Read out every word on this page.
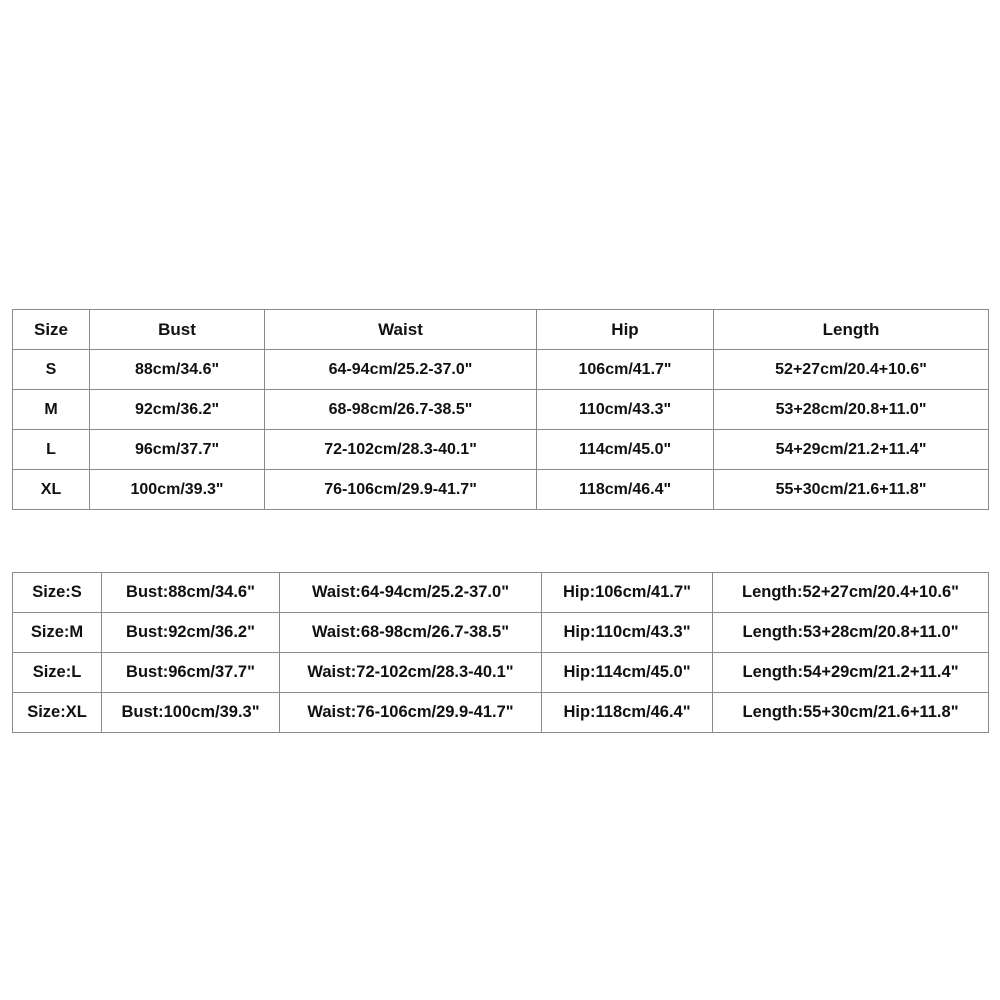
Size	Bust	Waist	Hip	Length
S	88cm/34.6"	64-94cm/25.2-37.0"	106cm/41.7"	52+27cm/20.4+10.6"
M	92cm/36.2"	68-98cm/26.7-38.5"	110cm/43.3"	53+28cm/20.8+11.0"
L	96cm/37.7"	72-102cm/28.3-40.1"	114cm/45.0"	54+29cm/21.2+11.4"
XL	100cm/39.3"	76-106cm/29.9-41.7"	118cm/46.4"	55+30cm/21.6+11.8"
Size:S	Bust:88cm/34.6"	Waist:64-94cm/25.2-37.0"	Hip:106cm/41.7"	Length:52+27cm/20.4+10.6"
Size:M	Bust:92cm/36.2"	Waist:68-98cm/26.7-38.5"	Hip:110cm/43.3"	Length:53+28cm/20.8+11.0"
Size:L	Bust:96cm/37.7"	Waist:72-102cm/28.3-40.1"	Hip:114cm/45.0"	Length:54+29cm/21.2+11.4"
Size:XL	Bust:100cm/39.3"	Waist:76-106cm/29.9-41.7"	Hip:118cm/46.4"	Length:55+30cm/21.6+11.8"
